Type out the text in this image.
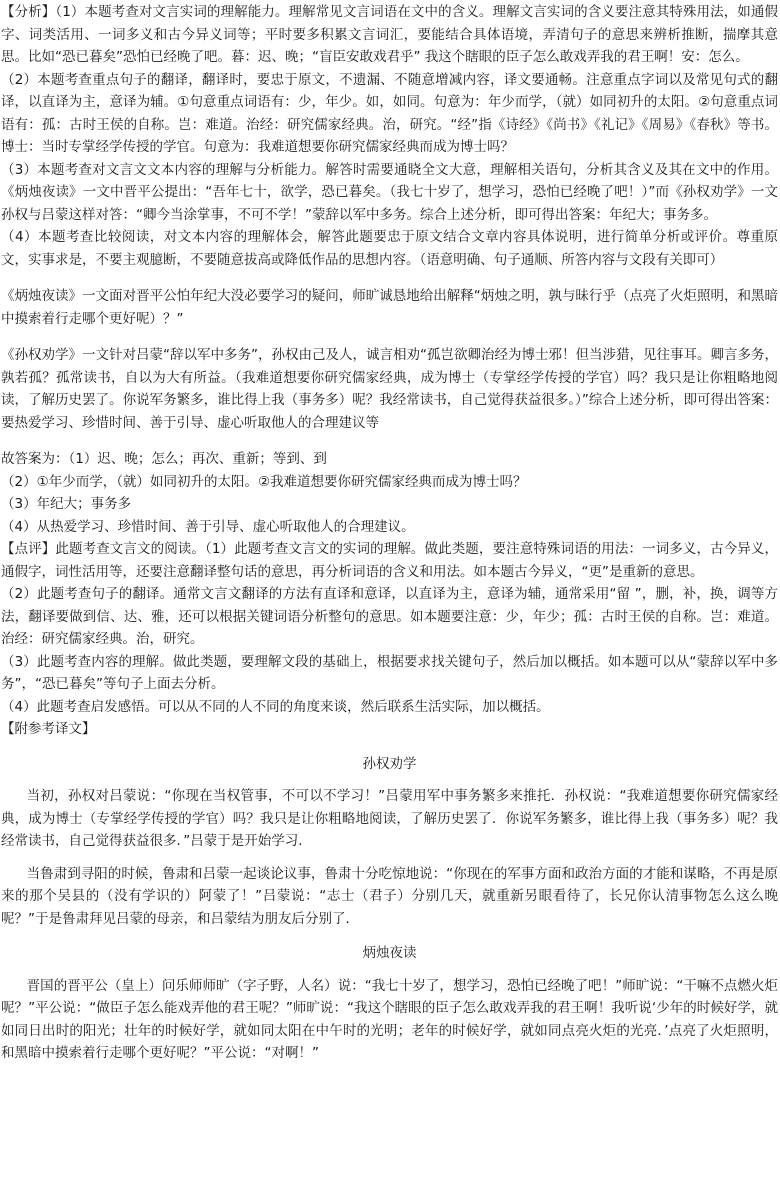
【分析】（1）本题考查对文言实词的理解能力。理解常见文言词语在文中的含义。理解文言实词的含义要注意其特殊用法，如通假字、词类活用、一词多义和古今异义词等；平时要多积累文言词汇，要能结合具体语境，弄清句子的意思来辨析推断，揣摩其意思。比如“恐已暮矣”恐怕已经晚了吧。暮：迟、晚；“盲臣安敢戏君乎” 我这个瞎眼的臣子怎么敢戏弄我的君王啊！安：怎么。

（2）本题考查重点句子的翻译，翻译时，要忠于原文，不遗漏、不随意增减内容，译文要通畅。注意重点字词以及常见句式的翻译，以直译为主，意译为辅。①句意重点词语有：少，年少。如，如同。句意为：年少而学，（就）如同初升的太阳。②句意重点词语有：孤：古时王侯的自称。岂：难道。治经：研究儒家经典。治，研究。“经”指《诗经》《尚书》《礼记》《周易》《春秋》等书。博士：当时专掌经学传授的学官。句意为：我难道想要你研究儒家经典而成为博士吗？

（3）本题考查对文言文文本内容的理解与分析能力。解答时需要通晓全文大意，理解相关语句，分析其含义及其在文中的作用。《炳烛夜读》一文中晋平公提出：“吾年七十，欲学，恐已暮矣。（我七十岁了，想学习，恐怕已经晚了吧！）”而《孙权劝学》一文孙权与吕蒙这样对答：“卿今当涂掌事，不可不学！”蒙辞以军中多务。综合上述分析，即可得出答案：年纪大；事务多。

（4）本题考查比较阅读，对文本内容的理解体会，解答此题要忠于原文结合文章内容具体说明，进行简单分析或评价。尊重原文，实事求是，不要主观臆断，不要随意拔高或降低作品的思想内容。（语意明确、句子通顺、所答内容与文段有关即可）

《炳烛夜读》一文面对晋平公怕年纪大没必要学习的疑问，师旷诚恳地给出解释“炳烛之明，孰与昧行乎（点亮了火炬照明，和黑暗中摸索着行走哪个更好呢）？”

《孙权劝学》一文针对吕蒙“辞以军中多务”，孙权由己及人，诚言相劝“孤岂欲卿治经为博士邪！但当涉猎，见往事耳。卿言多务，孰若孤？孤常读书，自以为大有所益。（我难道想要你研究儒家经典，成为博士（专掌经学传授的学官）吗？我只是让你粗略地阅读，了解历史罢了。你说军务繁多，谁比得上我（事务多）呢？我经常读书，自己觉得获益很多。）”综合上述分析，即可得出答案：要热爱学习、珍惜时间、善于引导、虚心听取他人的合理建议等

故答案为：（1）迟、晚；怎么；再次、重新；等到、到

（2）①年少而学，（就）如同初升的太阳。②我难道想要你研究儒家经典而成为博士吗？

（3）年纪大；事务多

（4）从热爱学习、珍惜时间、善于引导、虚心听取他人的合理建议。

【点评】此题考查文言文的阅读。（1）此题考查文言文的实词的理解。做此类题，要注意特殊词语的用法：一词多义，古今异义，通假字，词性活用等，还要注意翻译整句话的意思，再分析词语的含义和用法。如本题古今异义，“更”是重新的意思。

（2）此题考查句子的翻译。通常文言文翻译的方法有直译和意译，以直译为主，意译为辅，通常采用“留 ”，删，补，换，调等方法，翻译要做到信、达、雅，还可以根据关键词语分析整句的意思。如本题要注意：少，年少；孤：古时王侯的自称。岂：难道。治经：研究儒家经典。治，研究。

（3）此题考查内容的理解。做此类题，要理解文段的基础上，根据要求找关键句子，然后加以概括。如本题可以从“蒙辞以军中多务”，“恐已暮矣”等句子上面去分析。

（4）此题考查启发感悟。可以从不同的人不同的角度来谈，然后联系生活实际，加以概括。

【附参考译文】

孙权劝学

当初，孙权对吕蒙说：“你现在当权管事，不可以不学习！”吕蒙用军中事务繁多来推托．孙权说：“我难道想要你研究儒家经典，成为博士（专掌经学传授的学官）吗？我只是让你粗略地阅读，了解历史罢了．你说军务繁多，谁比得上我（事务多）呢？我经常读书，自己觉得获益很多．”吕蒙于是开始学习．

当鲁肃到寻阳的时候，鲁肃和吕蒙一起谈论议事，鲁肃十分吃惊地说：“你现在的军事方面和政治方面的才能和谋略，不再是原来的那个吴县的（没有学识的）阿蒙了！”吕蒙说：“志士（君子）分别几天，就重新另眼看待了，长兄你认清事物怎么这么晚呢？”于是鲁肃拜见吕蒙的母亲，和吕蒙结为朋友后分别了．

炳烛夜读

晋国的晋平公（皇上）问乐师师旷（字子野，人名）说：“我七十岁了，想学习，恐怕已经晚了吧！”师旷说：“干嘛不点燃火炬呢？”平公说：“做臣子怎么能戏弄他的君王呢？”师旷说：“我这个瞎眼的臣子怎么敢戏弄我的君王啊！我听说‘少年的时候好学，就如同日出时的阳光；壮年的时候好学，就如同太阳在中午时的光明；老年的时候好学，就如同点亮火炬的光亮．’点亮了火炬照明，和黑暗中摸索着行走哪个更好呢？”平公说：“对啊！”
